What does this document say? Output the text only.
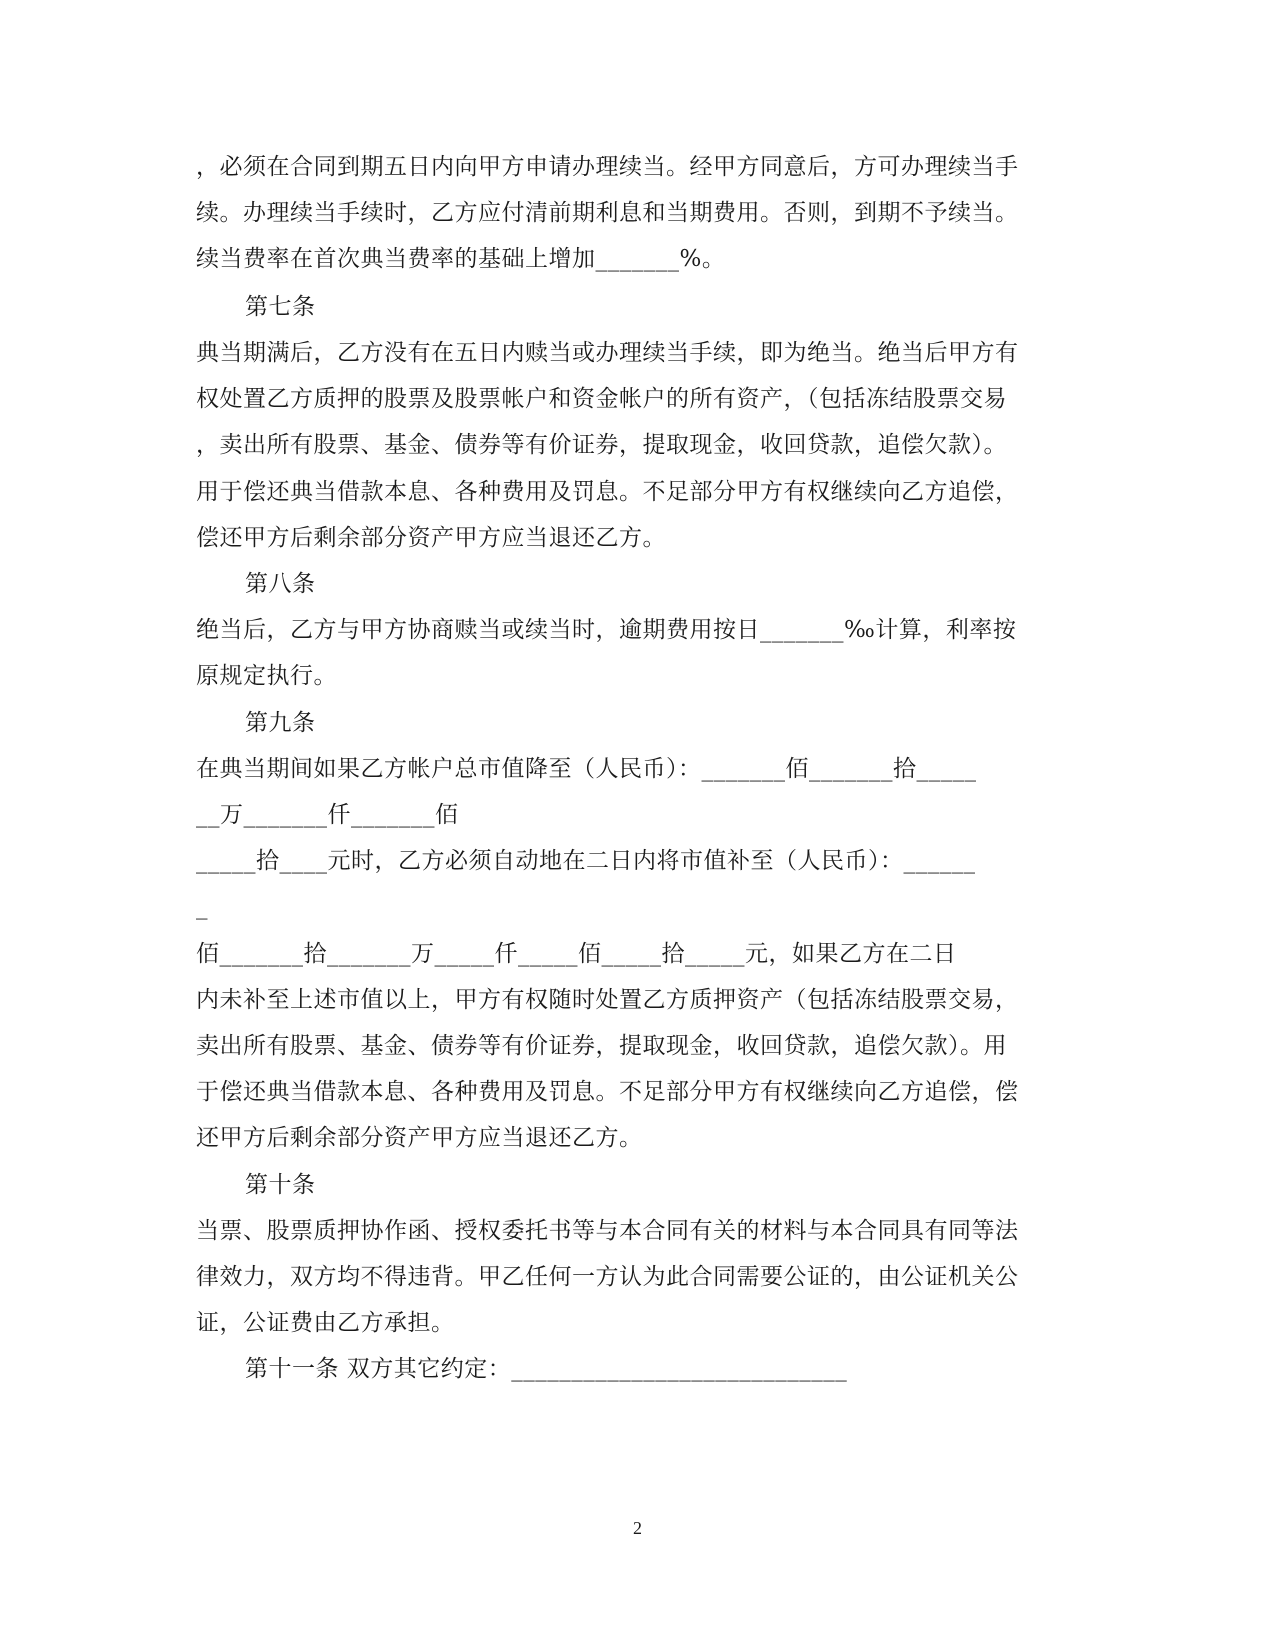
，必须在合同到期五日内向甲方申请办理续当。经甲方同意后，方可办理续当手
续。办理续当手续时，乙方应付清前期利息和当期费用。否则，到期不予续当。
续当费率在首次典当费率的基础上增加_______%。
第七条
典当期满后，乙方没有在五日内赎当或办理续当手续，即为绝当。绝当后甲方有
权处置乙方质押的股票及股票帐户和资金帐户的所有资产，（包括冻结股票交易
，卖出所有股票、基金、债券等有价证券，提取现金，收回贷款，追偿欠款）。
用于偿还典当借款本息、各种费用及罚息。不足部分甲方有权继续向乙方追偿，
偿还甲方后剩余部分资产甲方应当退还乙方。
第八条
绝当后，乙方与甲方协商赎当或续当时，逾期费用按日_______‰计算，利率按
原规定执行。
第九条
在典当期间如果乙方帐户总市值降至（人民币）：_______佰_______拾_____
__万_______仟_______佰
_____拾____元时，乙方必须自动地在二日内将市值补至（人民币）：______
_
佰_______拾_______万_____仟_____佰_____拾_____元，如果乙方在二日
内未补至上述市值以上，甲方有权随时处置乙方质押资产（包括冻结股票交易，
卖出所有股票、基金、债券等有价证券，提取现金，收回贷款，追偿欠款）。用
于偿还典当借款本息、各种费用及罚息。不足部分甲方有权继续向乙方追偿，偿
还甲方后剩余部分资产甲方应当退还乙方。
第十条
当票、股票质押协作函、授权委托书等与本合同有关的材料与本合同具有同等法
律效力，双方均不得违背。甲乙任何一方认为此合同需要公证的，由公证机关公
证，公证费由乙方承担。
第十一条 双方其它约定：____________________________
2
